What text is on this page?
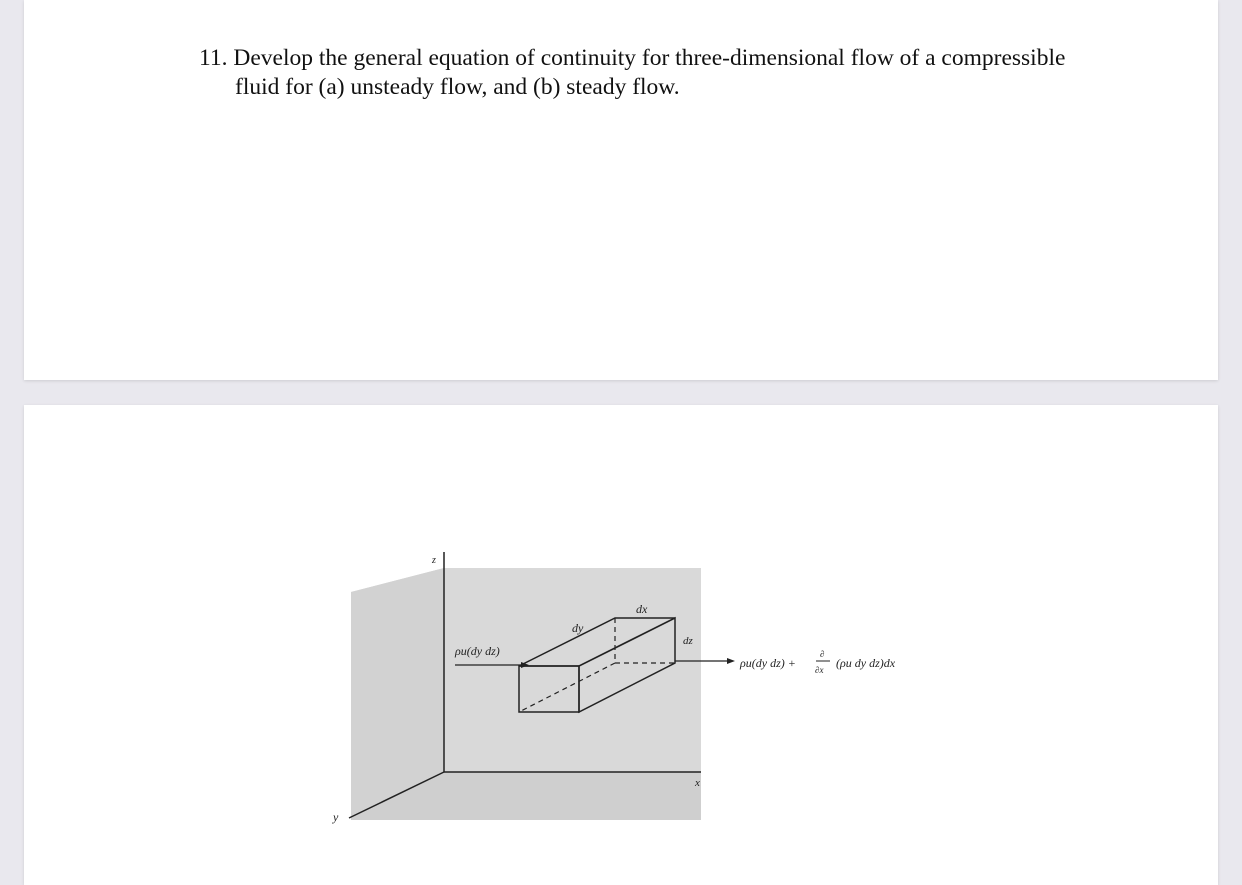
11. Develop the general equation of continuity for three-dimensional flow of a compressible
fluid for (a) unsteady flow, and (b) steady flow.
z
x
y
dx
dy
dz
ρu(dy dz)
ρu(dy dz) +
∂
∂x (ρu dy dz)dx
